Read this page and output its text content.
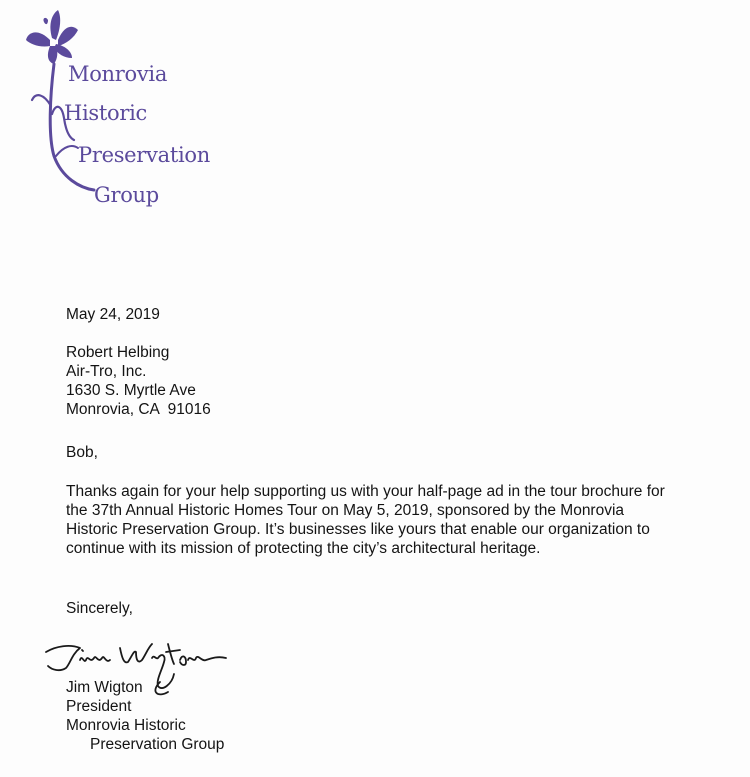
Monrovia
Historic
Preservation
Group
May 24, 2019
Robert Helbing
Air-Tro, Inc.
1630 S. Myrtle Ave
Monrovia, CA  91016
Bob,
Thanks again for your help supporting us with your half-page ad in the tour brochure for
the 37th Annual Historic Homes Tour on May 5, 2019, sponsored by the Monrovia
Historic Preservation Group. It’s businesses like yours that enable our organization to
continue with its mission of protecting the city’s architectural heritage.
Sincerely,
Jim Wigton
President
Monrovia Historic
Preservation Group
